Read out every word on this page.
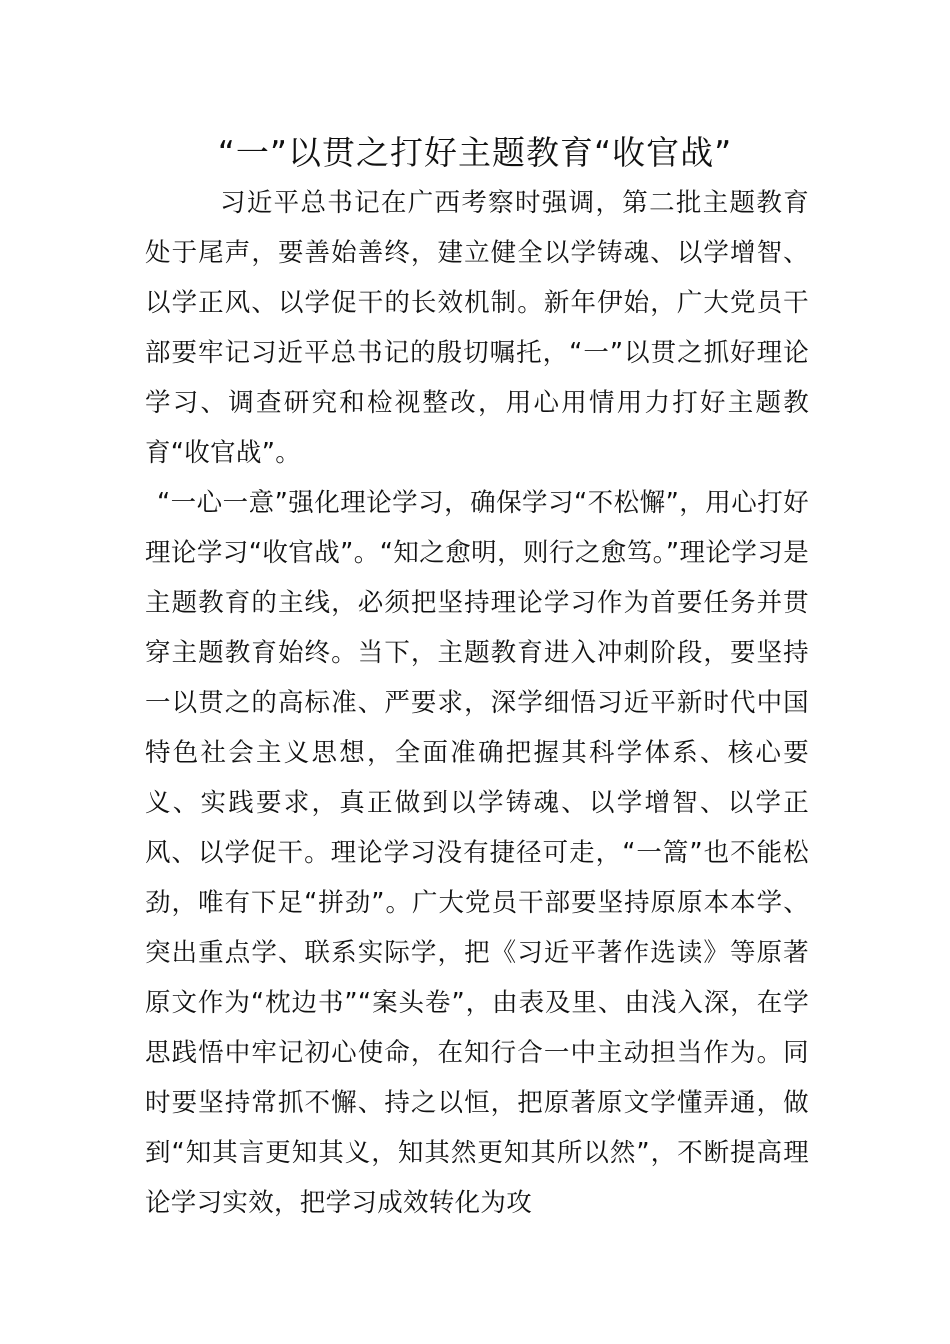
“一”以贯之打好主题教育“收官战”

习近平总书记在广西考察时强调，第二批主题教育处于尾声，要善始善终，建立健全以学铸魂、以学增智、以学正风、以学促干的长效机制。新年伊始，广大党员干部要牢记习近平总书记的殷切嘱托，“一”以贯之抓好理论学习、调查研究和检视整改，用心用情用力打好主题教育“收官战”。

“一心一意”强化理论学习，确保学习“不松懈”，用心打好理论学习“收官战”。“知之愈明，则行之愈笃。”理论学习是主题教育的主线，必须把坚持理论学习作为首要任务并贯穿主题教育始终。当下，主题教育进入冲刺阶段，要坚持一以贯之的高标准、严要求，深学细悟习近平新时代中国特色社会主义思想，全面准确把握其科学体系、核心要义、实践要求，真正做到以学铸魂、以学增智、以学正风、以学促干。理论学习没有捷径可走，“一篙”也不能松劲，唯有下足“拼劲”。广大党员干部要坚持原原本本学、突出重点学、联系实际学，把《习近平著作选读》等原著原文作为“枕边书”“案头卷”，由表及里、由浅入深，在学思践悟中牢记初心使命，在知行合一中主动担当作为。同时要坚持常抓不懈、持之以恒，把原著原文学懂弄通，做到“知其言更知其义，知其然更知其所以然”，不断提高理论学习实效，把学习成效转化为攻
